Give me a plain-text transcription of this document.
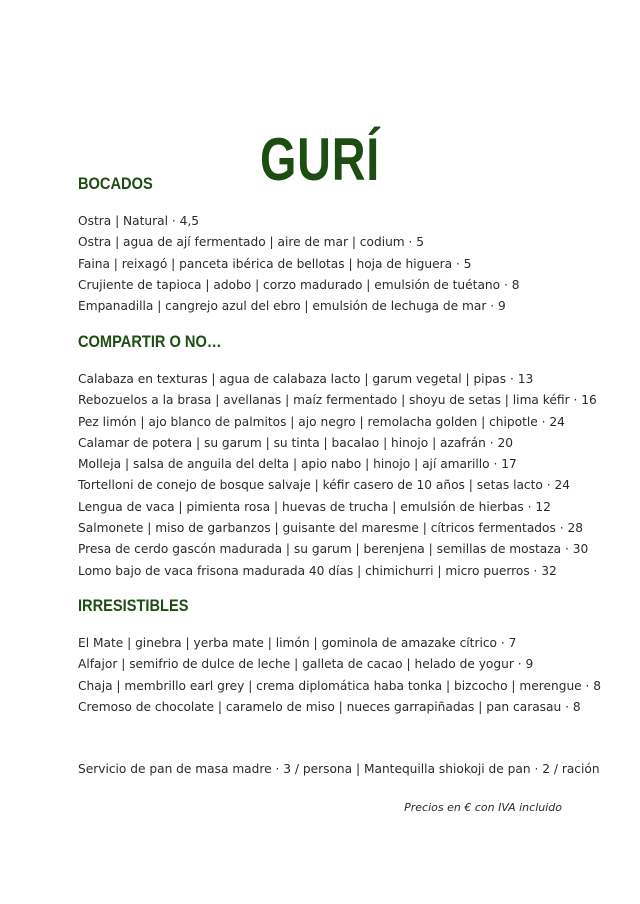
GURÍ
BOCADOS
Ostra | Natural · 4,5
Ostra | agua de ají fermentado | aire de mar | codium · 5
Faina | reixagó | panceta ibérica de bellotas | hoja de higuera · 5
Crujiente de tapioca | adobo | corzo madurado | emulsión de tuétano · 8
Empanadilla | cangrejo azul del ebro | emulsión de lechuga de mar · 9
COMPARTIR O NO…
Calabaza en texturas | agua de calabaza lacto | garum vegetal | pipas · 13
Rebozuelos a la brasa | avellanas | maíz fermentado | shoyu de setas | lima kéfir · 16
Pez limón | ajo blanco de palmitos | ajo negro | remolacha golden | chipotle · 24
Calamar de potera | su garum | su tinta | bacalao | hinojo | azafrán · 20
Molleja | salsa de anguila del delta | apio nabo | hinojo | ají amarillo · 17
Tortelloni de conejo de bosque salvaje | kéfir casero de 10 años | setas lacto · 24
Lengua de vaca | pimienta rosa | huevas de trucha | emulsión de hierbas · 12
Salmonete | miso de garbanzos | guisante del maresme | cítricos fermentados · 28
Presa de cerdo gascón madurada | su garum | berenjena | semillas de mostaza · 30
Lomo bajo de vaca frisona madurada 40 días | chimichurri | micro puerros · 32
IRRESISTIBLES
El Mate | ginebra | yerba mate | limón | gominola de amazake cítrico · 7
Alfajor | semifrio de dulce de leche | galleta de cacao | helado de yogur · 9
Chaja | membrillo earl grey | crema diplomática haba tonka | bizcocho | merengue · 8
Cremoso de chocolate | caramelo de miso | nueces garrapiñadas | pan carasau · 8
Servicio de pan de masa madre · 3 / persona | Mantequilla shiokoji de pan · 2 / ración
Precios en € con IVA incluido
